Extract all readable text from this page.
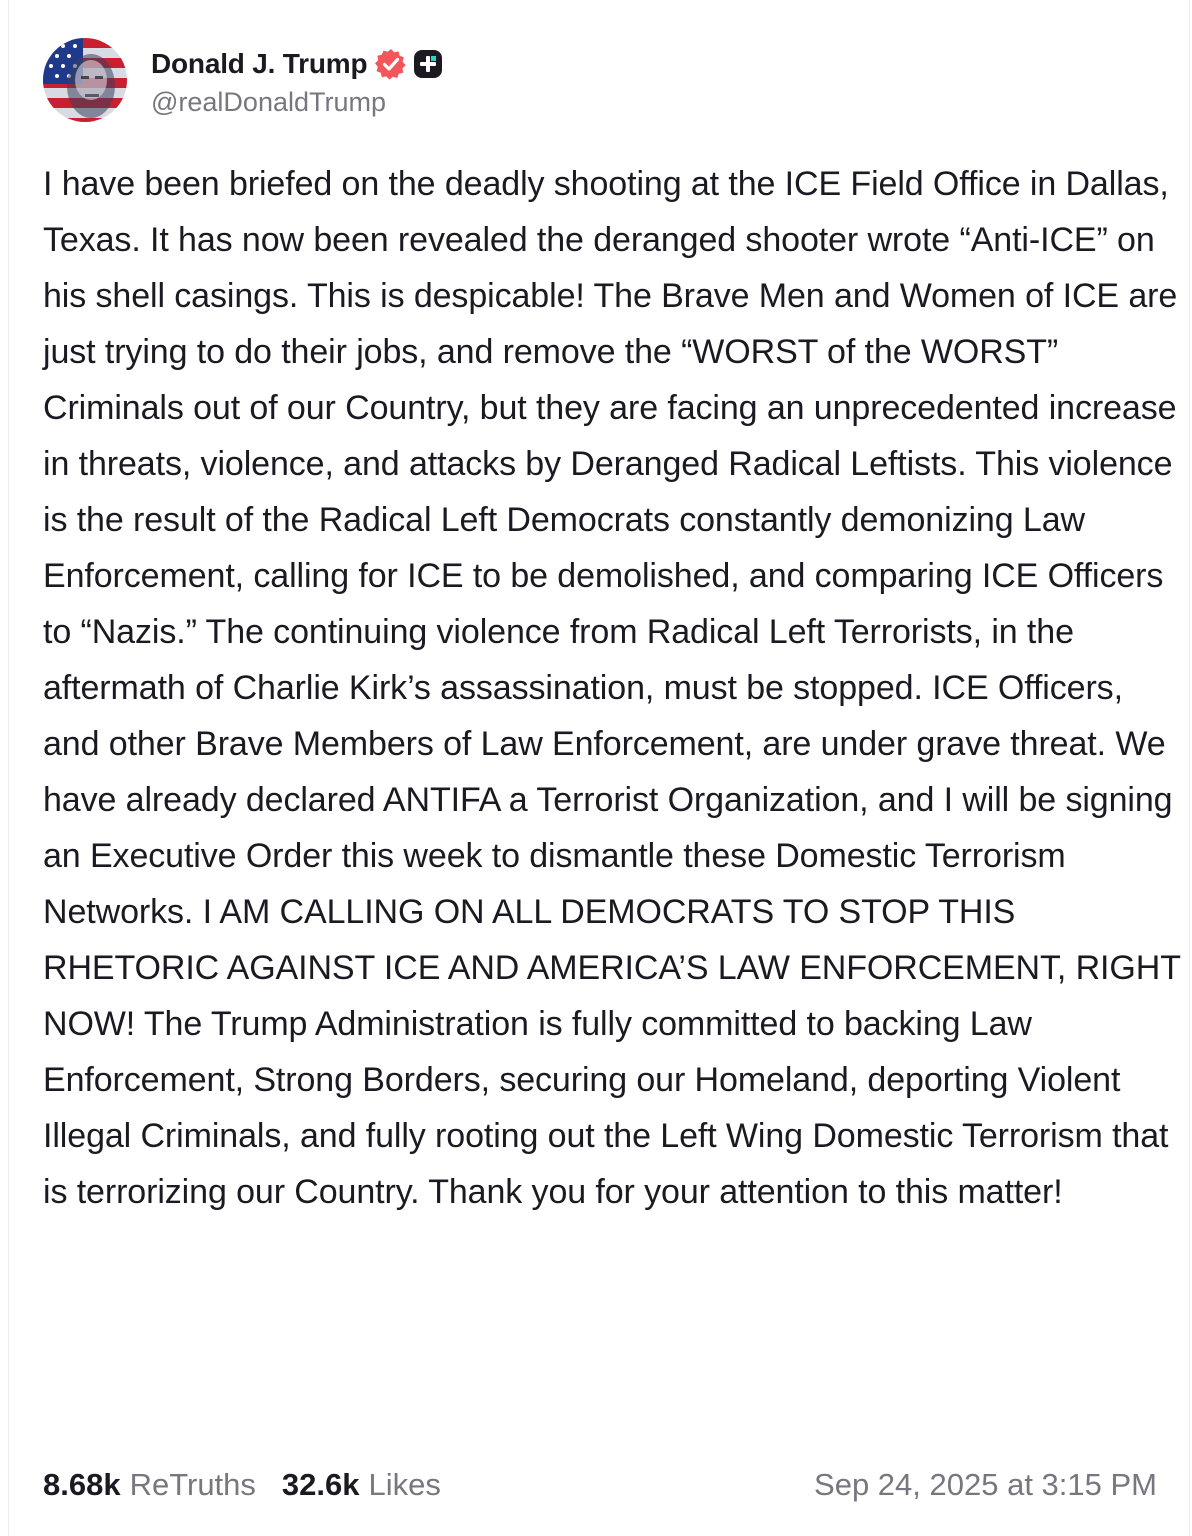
Donald J. Trump
@realDonaldTrump

I have been briefed on the deadly shooting at the ICE Field Office in Dallas, Texas. It has now been revealed the deranged shooter wrote “Anti-ICE” on his shell casings. This is despicable! The Brave Men and Women of ICE are just trying to do their jobs, and remove the “WORST of the WORST” Criminals out of our Country, but they are facing an unprecedented increase in threats, violence, and attacks by Deranged Radical Leftists. This violence is the result of the Radical Left Democrats constantly demonizing Law Enforcement, calling for ICE to be demolished, and comparing ICE Officers to “Nazis.” The continuing violence from Radical Left Terrorists, in the aftermath of Charlie Kirk’s assassination, must be stopped. ICE Officers, and other Brave Members of Law Enforcement, are under grave threat. We have already declared ANTIFA a Terrorist Organization, and I will be signing an Executive Order this week to dismantle these Domestic Terrorism Networks. I AM CALLING ON ALL DEMOCRATS TO STOP THIS RHETORIC AGAINST ICE AND AMERICA’S LAW ENFORCEMENT, RIGHT NOW! The Trump Administration is fully committed to backing Law Enforcement, Strong Borders, securing our Homeland, deporting Violent Illegal Criminals, and fully rooting out the Left Wing Domestic Terrorism that is terrorizing our Country. Thank you for your attention to this matter!

8.68k ReTruths 32.6k Likes	Sep 24, 2025 at 3:15 PM
